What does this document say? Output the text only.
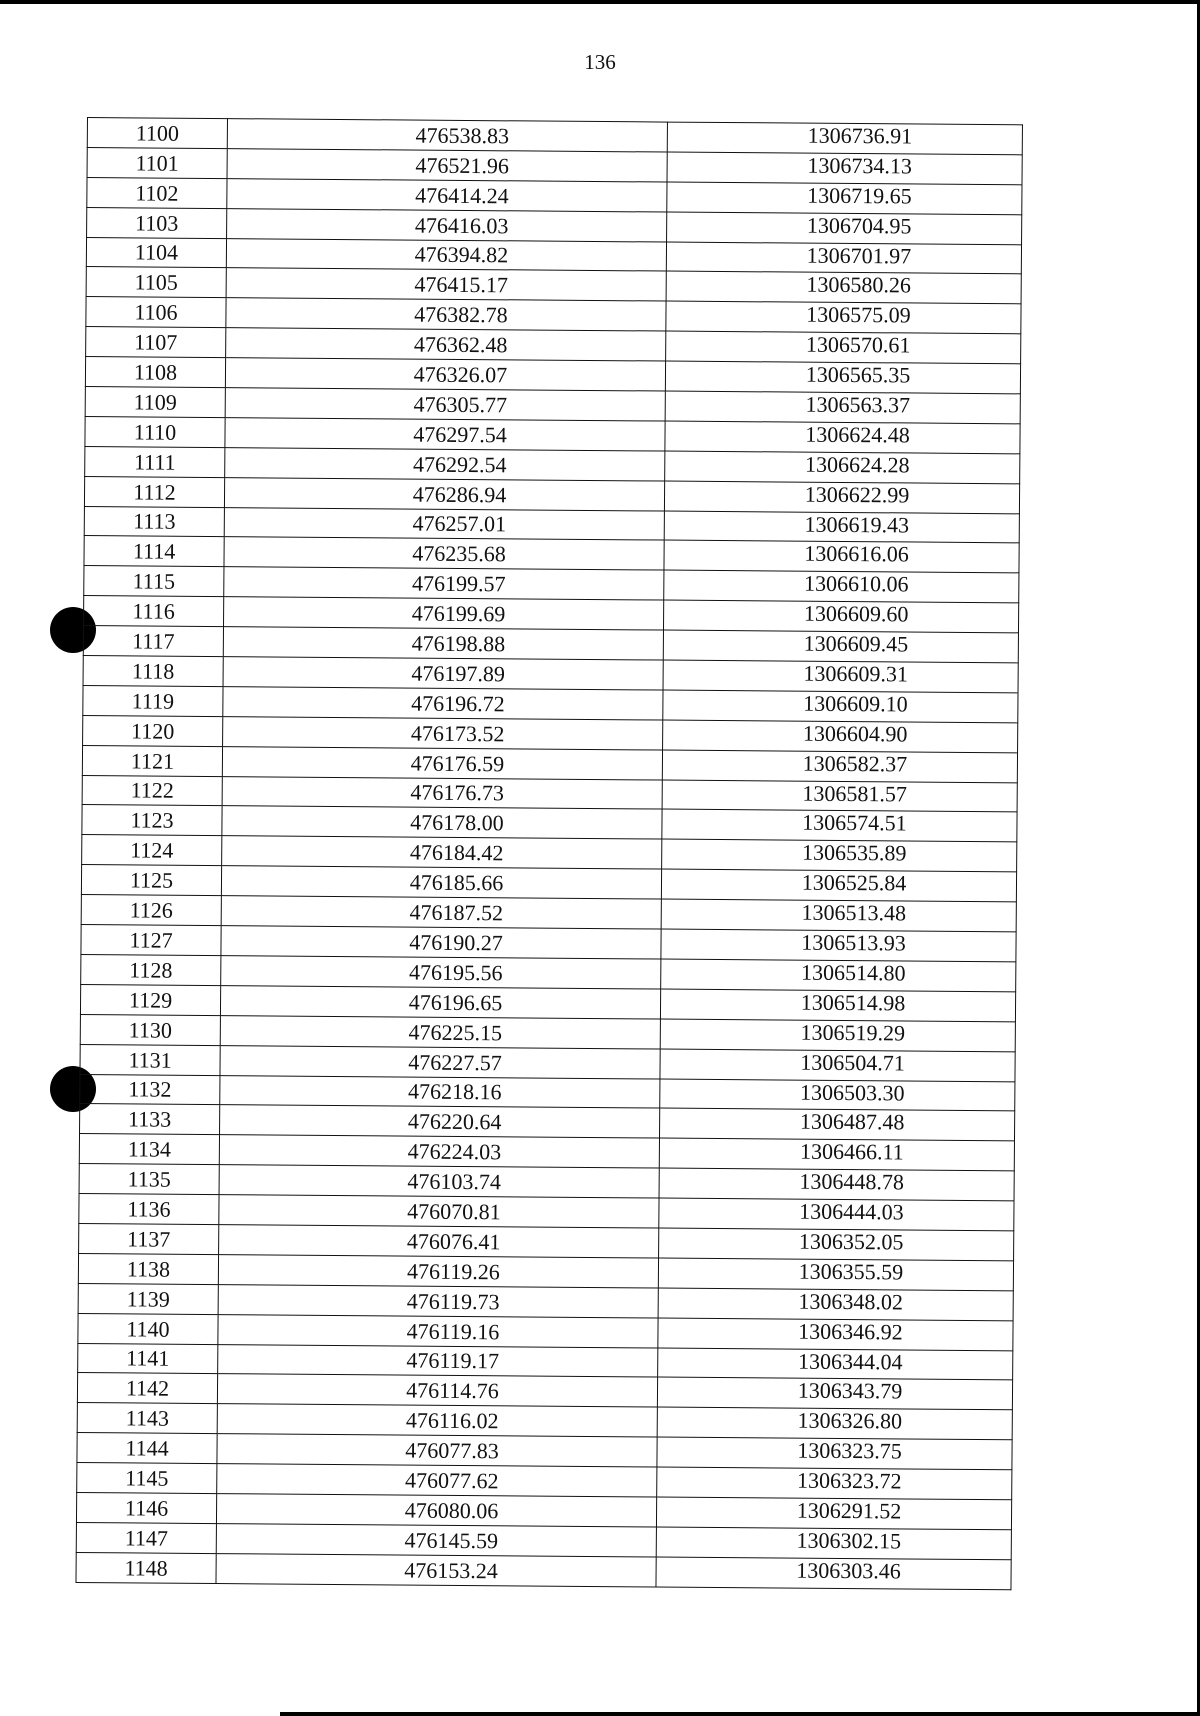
136
1100	476538.83	1306736.91
1101	476521.96	1306734.13
1102	476414.24	1306719.65
1103	476416.03	1306704.95
1104	476394.82	1306701.97
1105	476415.17	1306580.26
1106	476382.78	1306575.09
1107	476362.48	1306570.61
1108	476326.07	1306565.35
1109	476305.77	1306563.37
1110	476297.54	1306624.48
1111	476292.54	1306624.28
1112	476286.94	1306622.99
1113	476257.01	1306619.43
1114	476235.68	1306616.06
1115	476199.57	1306610.06
1116	476199.69	1306609.60
1117	476198.88	1306609.45
1118	476197.89	1306609.31
1119	476196.72	1306609.10
1120	476173.52	1306604.90
1121	476176.59	1306582.37
1122	476176.73	1306581.57
1123	476178.00	1306574.51
1124	476184.42	1306535.89
1125	476185.66	1306525.84
1126	476187.52	1306513.48
1127	476190.27	1306513.93
1128	476195.56	1306514.80
1129	476196.65	1306514.98
1130	476225.15	1306519.29
1131	476227.57	1306504.71
1132	476218.16	1306503.30
1133	476220.64	1306487.48
1134	476224.03	1306466.11
1135	476103.74	1306448.78
1136	476070.81	1306444.03
1137	476076.41	1306352.05
1138	476119.26	1306355.59
1139	476119.73	1306348.02
1140	476119.16	1306346.92
1141	476119.17	1306344.04
1142	476114.76	1306343.79
1143	476116.02	1306326.80
1144	476077.83	1306323.75
1145	476077.62	1306323.72
1146	476080.06	1306291.52
1147	476145.59	1306302.15
1148	476153.24	1306303.46
